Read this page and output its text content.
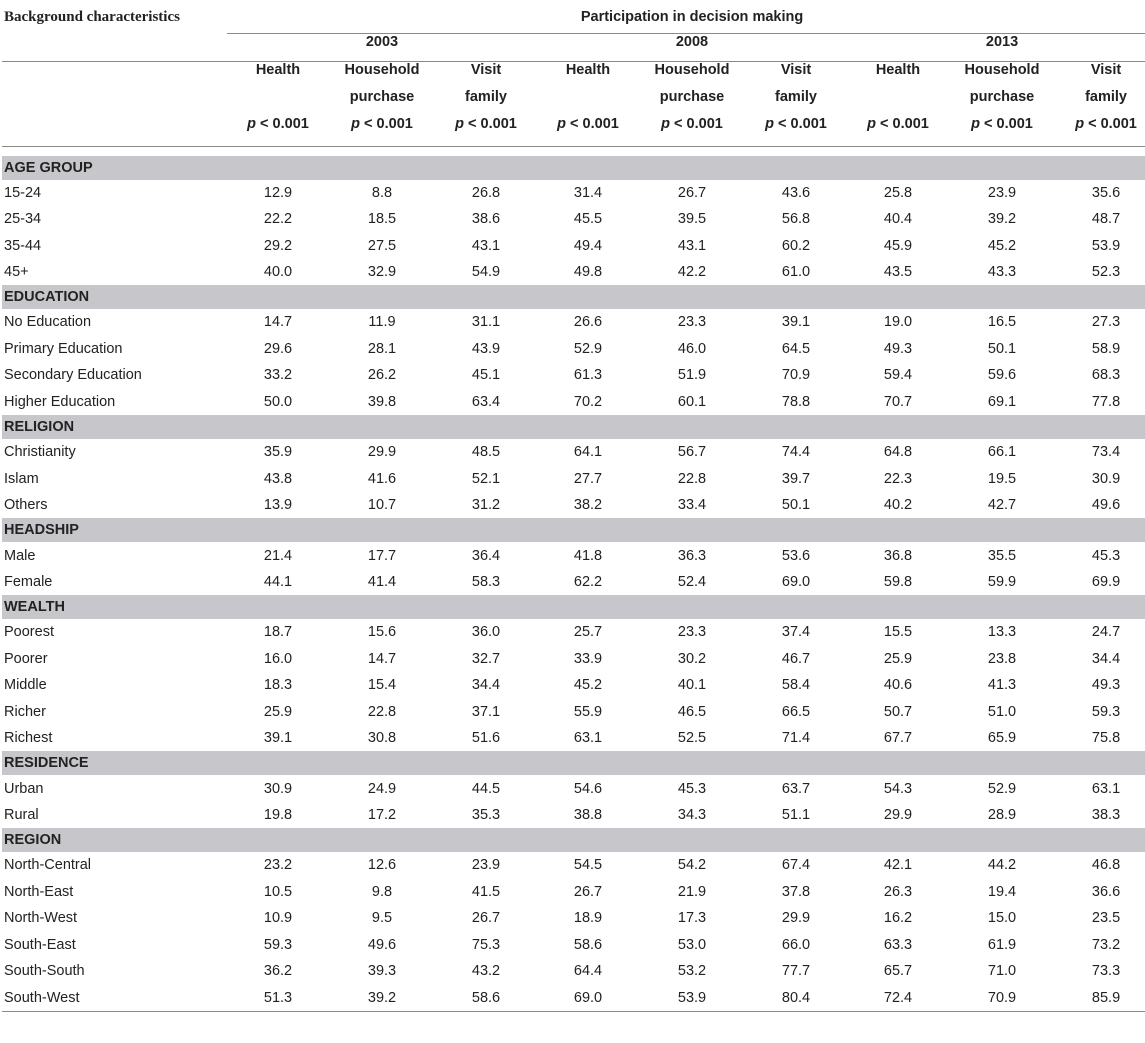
Background characteristics	Participation in decision making								
	2003			2008			2013		
	Health	Household	Visit	Health	Household	Visit	Health	Household	Visit
		purchase	family		purchase	family		purchase	family
	p < 0.001	p < 0.001	p < 0.001	p < 0.001	p < 0.001	p < 0.001	p < 0.001	p < 0.001	p < 0.001

AGE GROUP									
15-24	12.9	8.8	26.8	31.4	26.7	43.6	25.8	23.9	35.6
25-34	22.2	18.5	38.6	45.5	39.5	56.8	40.4	39.2	48.7
35-44	29.2	27.5	43.1	49.4	43.1	60.2	45.9	45.2	53.9
45+	40.0	32.9	54.9	49.8	42.2	61.0	43.5	43.3	52.3
EDUCATION									
No Education	14.7	11.9	31.1	26.6	23.3	39.1	19.0	16.5	27.3
Primary Education	29.6	28.1	43.9	52.9	46.0	64.5	49.3	50.1	58.9
Secondary Education	33.2	26.2	45.1	61.3	51.9	70.9	59.4	59.6	68.3
Higher Education	50.0	39.8	63.4	70.2	60.1	78.8	70.7	69.1	77.8
RELIGION									
Christianity	35.9	29.9	48.5	64.1	56.7	74.4	64.8	66.1	73.4
Islam	43.8	41.6	52.1	27.7	22.8	39.7	22.3	19.5	30.9
Others	13.9	10.7	31.2	38.2	33.4	50.1	40.2	42.7	49.6
HEADSHIP									
Male	21.4	17.7	36.4	41.8	36.3	53.6	36.8	35.5	45.3
Female	44.1	41.4	58.3	62.2	52.4	69.0	59.8	59.9	69.9
WEALTH									
Poorest	18.7	15.6	36.0	25.7	23.3	37.4	15.5	13.3	24.7
Poorer	16.0	14.7	32.7	33.9	30.2	46.7	25.9	23.8	34.4
Middle	18.3	15.4	34.4	45.2	40.1	58.4	40.6	41.3	49.3
Richer	25.9	22.8	37.1	55.9	46.5	66.5	50.7	51.0	59.3
Richest	39.1	30.8	51.6	63.1	52.5	71.4	67.7	65.9	75.8
RESIDENCE									
Urban	30.9	24.9	44.5	54.6	45.3	63.7	54.3	52.9	63.1
Rural	19.8	17.2	35.3	38.8	34.3	51.1	29.9	28.9	38.3
REGION									
North-Central	23.2	12.6	23.9	54.5	54.2	67.4	42.1	44.2	46.8
North-East	10.5	9.8	41.5	26.7	21.9	37.8	26.3	19.4	36.6
North-West	10.9	9.5	26.7	18.9	17.3	29.9	16.2	15.0	23.5
South-East	59.3	49.6	75.3	58.6	53.0	66.0	63.3	61.9	73.2
South-South	36.2	39.3	43.2	64.4	53.2	77.7	65.7	71.0	73.3
South-West	51.3	39.2	58.6	69.0	53.9	80.4	72.4	70.9	85.9
